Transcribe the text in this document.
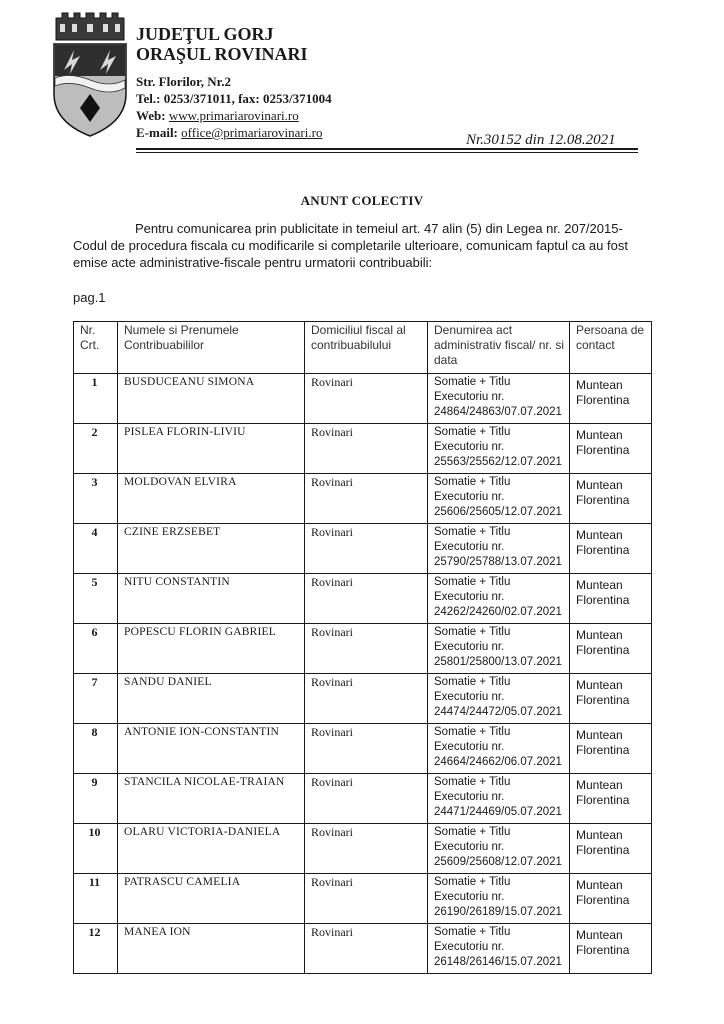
JUDEŢUL GORJ
ORAŞUL ROVINARI
Str. Florilor, Nr.2
Tel.: 0253/371011, fax: 0253/371004
Web: www.primariarovinari.ro
E-mail: office@primariarovinari.ro	Nr.30152 din 12.08.2021
ANUNT COLECTIV
Pentru comunicarea prin publicitate in temeiul art. 47 alin (5) din Legea nr. 207/2015-Codul de procedura fiscala cu modificarile si completarile ulterioare, comunicam faptul ca au fost emise acte administrative-fiscale pentru urmatorii contribuabili:
pag.1
Nr. Crt.	Numele si Prenumele Contribuabililor	Domiciliul fiscal al contribuabilului	Denumirea act administrativ fiscal/ nr. si data	Persoana de contact
1	BUSDUCEANU SIMONA	Rovinari	Somatie + Titlu
Executoriu nr.
24864/24863/07.07.2021	Muntean Florentina
2	PISLEA FLORIN-LIVIU	Rovinari	Somatie + Titlu
Executoriu nr.
25563/25562/12.07.2021	Muntean Florentina
3	MOLDOVAN ELVIRA	Rovinari	Somatie + Titlu
Executoriu nr.
25606/25605/12.07.2021	Muntean Florentina
4	CZINE ERZSEBET	Rovinari	Somatie + Titlu
Executoriu nr.
25790/25788/13.07.2021	Muntean Florentina
5	NITU CONSTANTIN	Rovinari	Somatie + Titlu
Executoriu nr.
24262/24260/02.07.2021	Muntean Florentina
6	POPESCU FLORIN GABRIEL	Rovinari	Somatie + Titlu
Executoriu nr.
25801/25800/13.07.2021	Muntean Florentina
7	SANDU DANIEL	Rovinari	Somatie + Titlu
Executoriu nr.
24474/24472/05.07.2021	Muntean Florentina
8	ANTONIE ION-CONSTANTIN	Rovinari	Somatie + Titlu
Executoriu nr.
24664/24662/06.07.2021	Muntean Florentina
9	STANCILA NICOLAE-TRAIAN	Rovinari	Somatie + Titlu
Executoriu nr.
24471/24469/05.07.2021	Muntean Florentina
10	OLARU VICTORIA-DANIELA	Rovinari	Somatie + Titlu
Executoriu nr.
25609/25608/12.07.2021	Muntean Florentina
11	PATRASCU CAMELIA	Rovinari	Somatie + Titlu
Executoriu nr.
26190/26189/15.07.2021	Muntean Florentina
12	MANEA ION	Rovinari	Somatie + Titlu
Executoriu nr.
26148/26146/15.07.2021	Muntean Florentina
